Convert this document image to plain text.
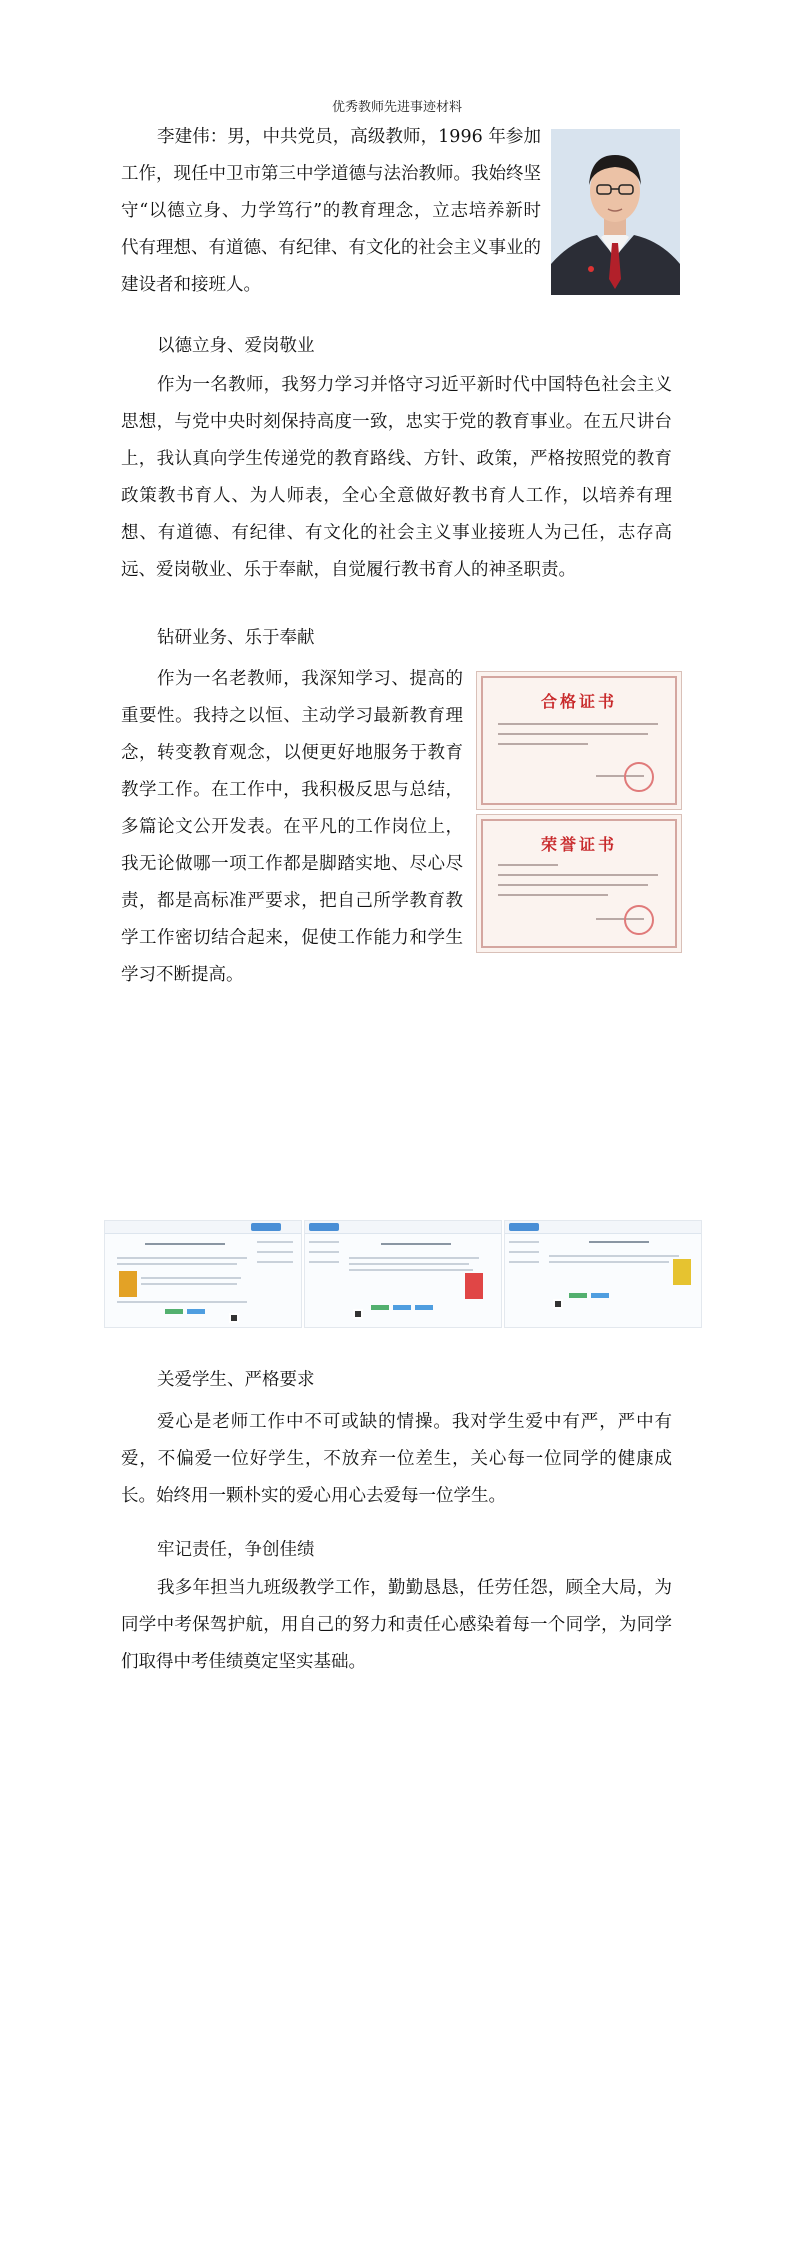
优秀教师先进事迹材料

李建伟：男，中共党员，高级教师，1996 年参加工作，现任中卫市第三中学道德与法治教师。我始终坚守“以德立身、力学笃行”的教育理念，立志培养新时代有理想、有道德、有纪律、有文化的社会主义事业的建设者和接班人。

以德立身、爱岗敬业

作为一名教师，我努力学习并恪守习近平新时代中国特色社会主义思想，与党中央时刻保持高度一致，忠实于党的教育事业。在五尺讲台上，我认真向学生传递党的教育路线、方针、政策，严格按照党的教育政策教书育人、为人师表，全心全意做好教书育人工作，以培养有理想、有道德、有纪律、有文化的社会主义事业接班人为己任，志存高远、爱岗敬业、乐于奉献，自觉履行教书育人的神圣职责。

钻研业务、乐于奉献

作为一名老教师，我深知学习、提高的重要性。我持之以恒、主动学习最新教育理念，转变教育观念，以便更好地服务于教育教学工作。在工作中，我积极反思与总结，多篇论文公开发表。在平凡的工作岗位上，我无论做哪一项工作都是脚踏实地、尽心尽责，都是高标准严要求，把自己所学教育教学工作密切结合起来，促使工作能力和学生学习不断提高。

合格证书
荣誉证书

关爱学生、严格要求

爱心是老师工作中不可或缺的情操。我对学生爱中有严，严中有爱，不偏爱一位好学生，不放弃一位差生，关心每一位同学的健康成长。始终用一颗朴实的爱心用心去爱每一位学生。

牢记责任，争创佳绩

我多年担当九班级教学工作，勤勤恳恳，任劳任怨，顾全大局，为同学中考保驾护航，用自己的努力和责任心感染着每一个同学，为同学们取得中考佳绩奠定坚实基础。
